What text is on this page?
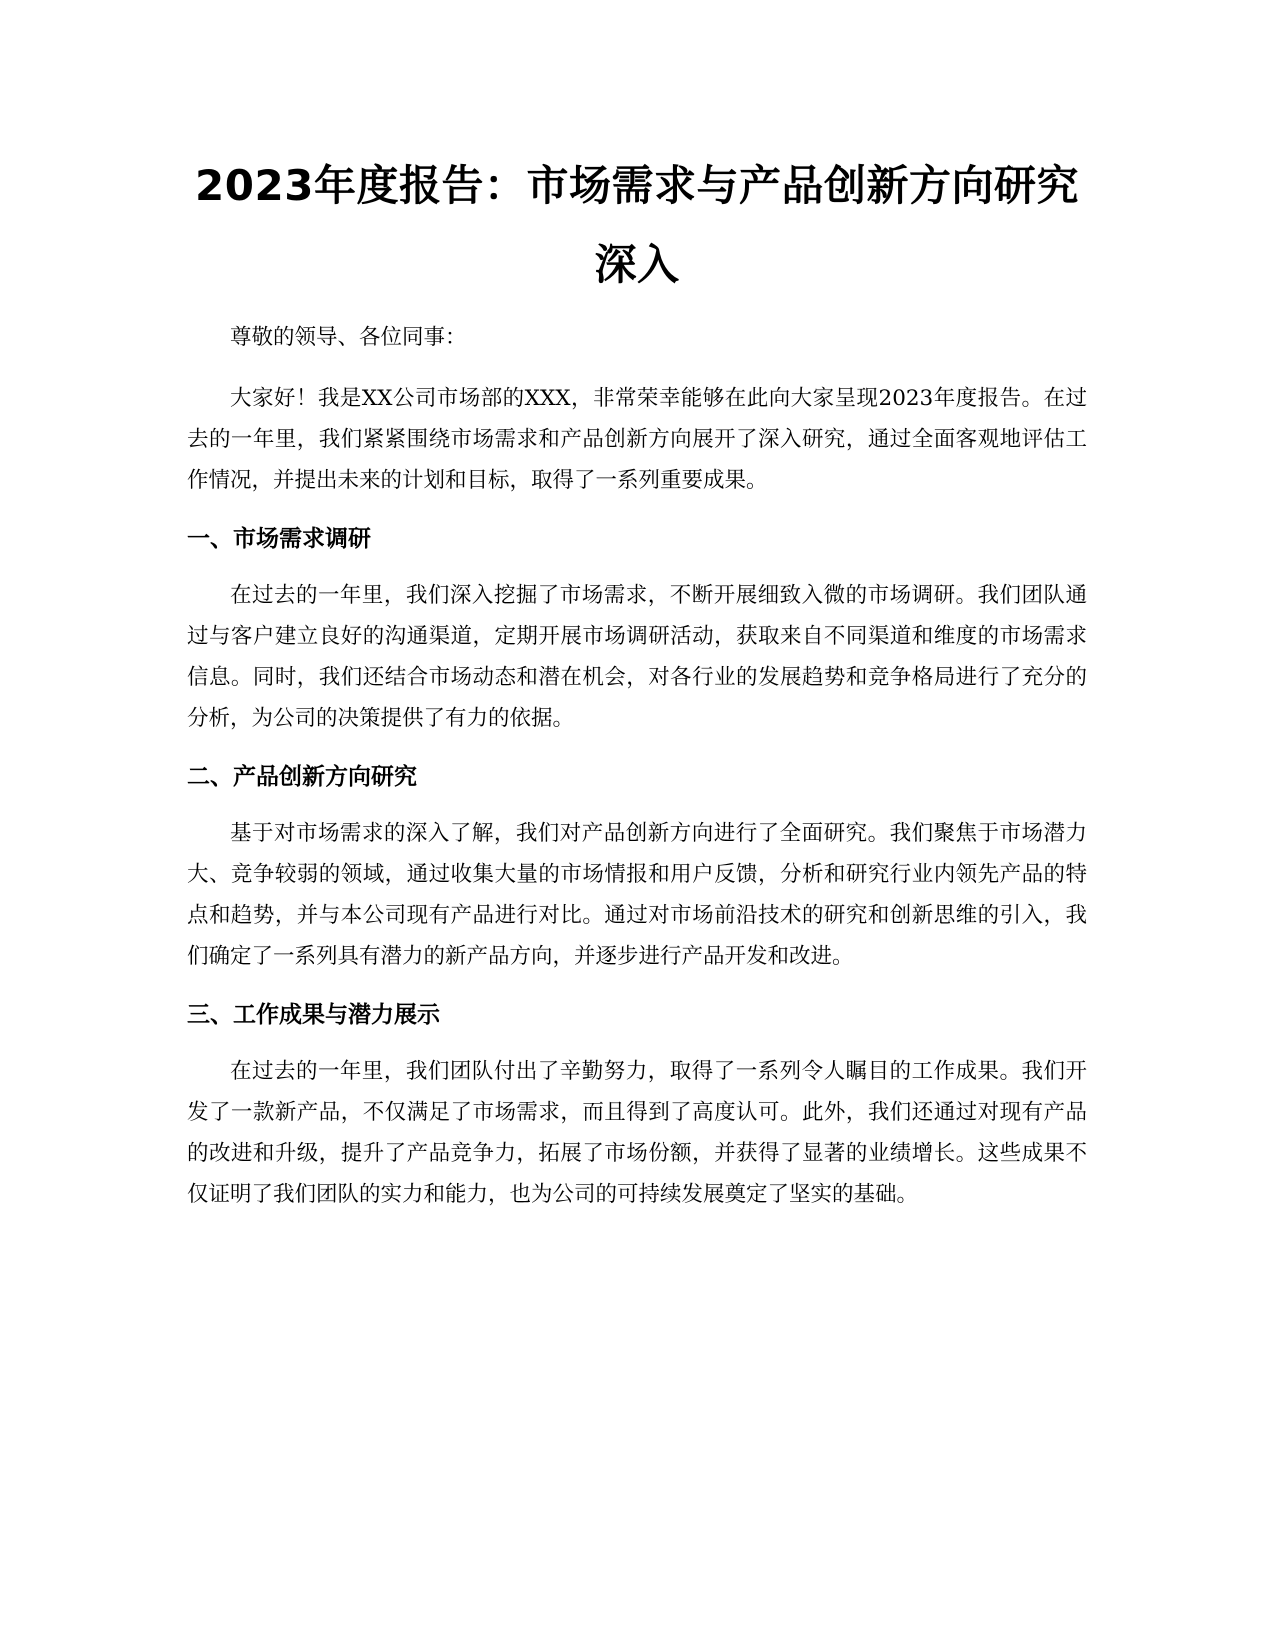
2023年度报告：市场需求与产品创新方向研究深入

尊敬的领导、各位同事：

大家好！我是XX公司市场部的XXX，非常荣幸能够在此向大家呈现2023年度报告。在过去的一年里，我们紧紧围绕市场需求和产品创新方向展开了深入研究，通过全面客观地评估工作情况，并提出未来的计划和目标，取得了一系列重要成果。

一、市场需求调研

在过去的一年里，我们深入挖掘了市场需求，不断开展细致入微的市场调研。我们团队通过与客户建立良好的沟通渠道，定期开展市场调研活动，获取来自不同渠道和维度的市场需求信息。同时，我们还结合市场动态和潜在机会，对各行业的发展趋势和竞争格局进行了充分的分析，为公司的决策提供了有力的依据。

二、产品创新方向研究

基于对市场需求的深入了解，我们对产品创新方向进行了全面研究。我们聚焦于市场潜力大、竞争较弱的领域，通过收集大量的市场情报和用户反馈，分析和研究行业内领先产品的特点和趋势，并与本公司现有产品进行对比。通过对市场前沿技术的研究和创新思维的引入，我们确定了一系列具有潜力的新产品方向，并逐步进行产品开发和改进。

三、工作成果与潜力展示

在过去的一年里，我们团队付出了辛勤努力，取得了一系列令人瞩目的工作成果。我们开发了一款新产品，不仅满足了市场需求，而且得到了高度认可。此外，我们还通过对现有产品的改进和升级，提升了产品竞争力，拓展了市场份额，并获得了显著的业绩增长。这些成果不仅证明了我们团队的实力和能力，也为公司的可持续发展奠定了坚实的基础。
